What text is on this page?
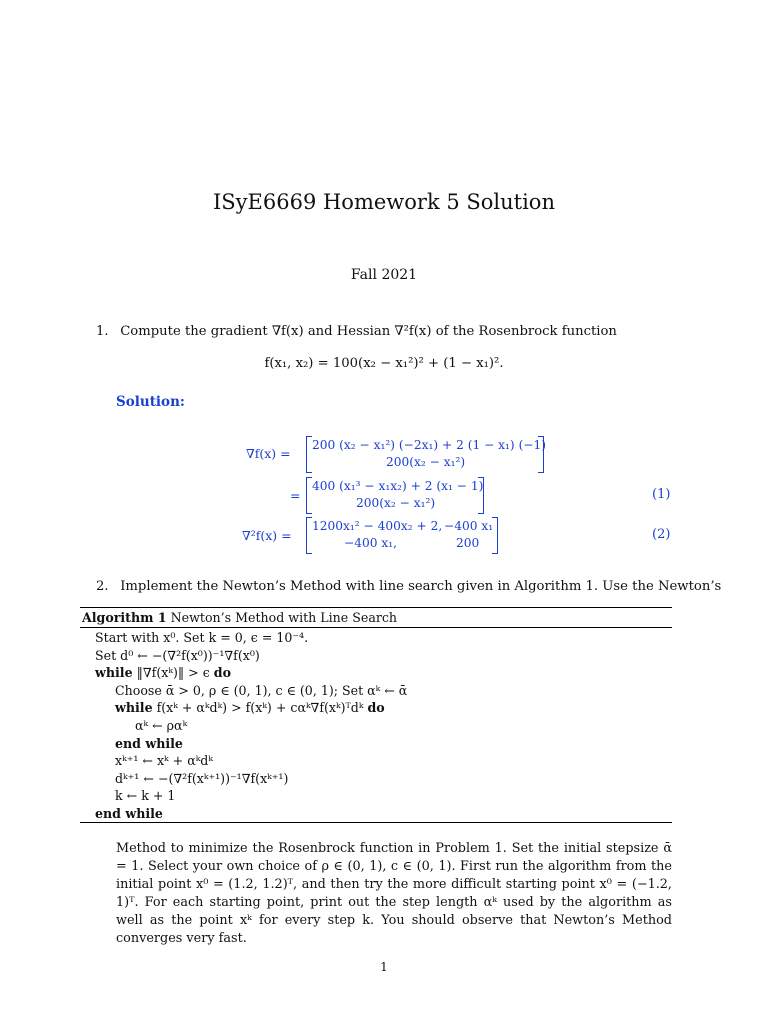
ISyE6669 Homework 5 Solution
Fall 2021
1. Compute the gradient ∇f(x) and Hessian ∇²f(x) of the Rosenbrock function
f(x₁, x₂) = 100(x₂ − x₁²)² + (1 − x₁)².
Solution:
∇f(x) =
200 (x₂ − x₁²) (−2x₁) + 2 (1 − x₁) (−1)
200(x₂ − x₁²)
=
400 (x₁³ − x₁x₂) + 2 (x₁ − 1)
200(x₂ − x₁²)
(1)
∇²f(x) =
1200x₁² − 400x₂ + 2, −400 x₁
−400 x₁,	200
(2)
2. Implement the Newton’s Method with line search given in Algorithm 1. Use the Newton’s
Algorithm 1 Newton’s Method with Line Search
Start with x⁰. Set k = 0, ϵ = 10⁻⁴.
Set d⁰ ← −(∇²f(x⁰))⁻¹∇f(x⁰)
while ‖∇f(xᵏ)‖ > ϵ do
Choose ᾱ > 0, ρ ∈ (0, 1), c ∈ (0, 1); Set αᵏ ← ᾱ
while f(xᵏ + αᵏdᵏ) > f(xᵏ) + cαᵏ∇f(xᵏ)ᵀdᵏ do
αᵏ ← ραᵏ
end while
xᵏ⁺¹ ← xᵏ + αᵏdᵏ
dᵏ⁺¹ ← −(∇²f(xᵏ⁺¹))⁻¹∇f(xᵏ⁺¹)
k ← k + 1
end while
Method to minimize the Rosenbrock function in Problem 1. Set the initial stepsize ᾱ = 1. Select your own choice of ρ ∈ (0, 1), c ∈ (0, 1). First run the algorithm from the initial point x⁰ = (1.2, 1.2)ᵀ, and then try the more difficult starting point x⁰ = (−1.2, 1)ᵀ. For each starting point, print out the step length αᵏ used by the algorithm as well as the point xᵏ for every step k. You should observe that Newton’s Method converges very fast.
1
